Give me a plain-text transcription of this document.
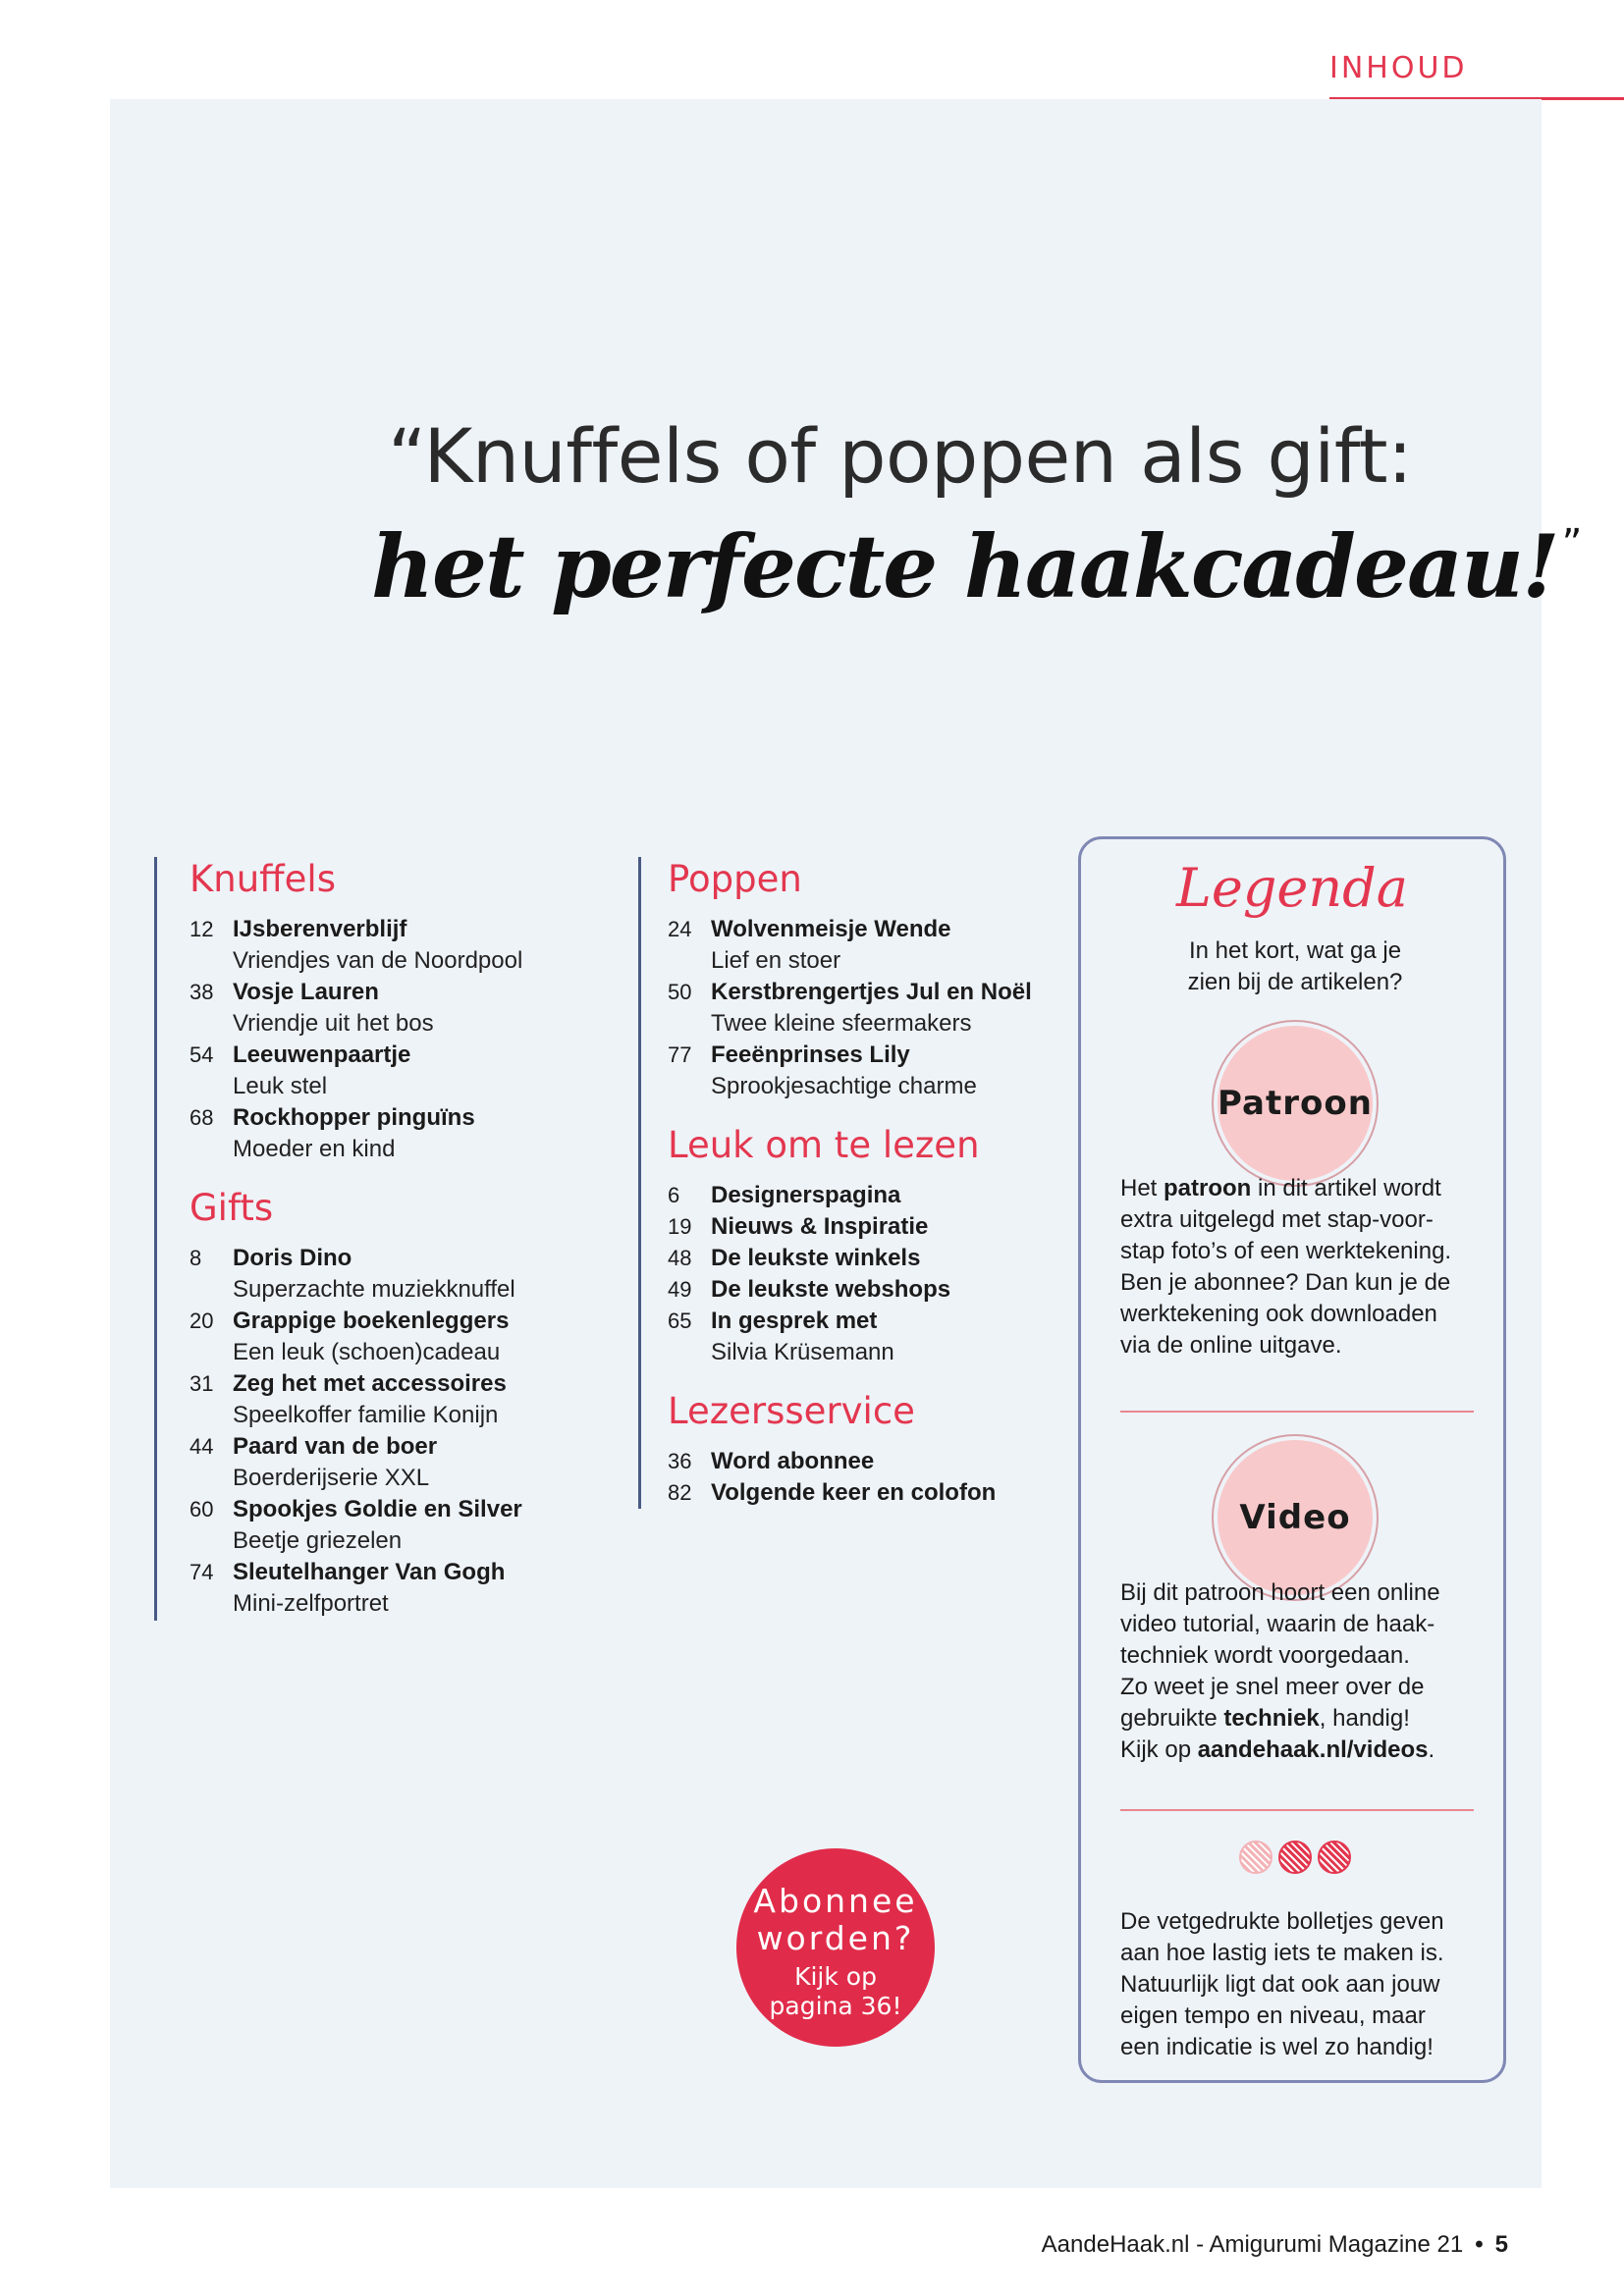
INHOUD
“Knuffels of poppen als gift:
het perfecte haakcadeau! ”
Knuffels
12 IJsberenverblijf
Vriendjes van de Noordpool
38 Vosje Lauren
Vriendje uit het bos
54 Leeuwenpaartje
Leuk stel
68 Rockhopper pinguïns
Moeder en kind
Gifts
8	Doris Dino
Superzachte muziekknuffel
20 Grappige boekenleggers
Een leuk (schoen)cadeau
31 Zeg het met accessoires
Speelkoffer familie Konijn
44 Paard van de boer
Boerderijserie XXL
60 Spookjes Goldie en Silver
Beetje griezelen
74 Sleutelhanger Van Gogh
Mini-zelfportret
Poppen
24 Wolvenmeisje Wende
Lief en stoer
50 Kerstbrengertjes Jul en Noël
Twee kleine sfeermakers
77 Feeënprinses Lily
Sprookjesachtige charme
Leuk om te lezen
6	Designerspagina
19 Nieuws & Inspiratie
48 De leukste winkels
49 De leukste webshops
65 In gesprek met
Silvia Krüsemann
Lezersservice
36 Word abonnee
82 Volgende keer en colofon
Legenda
In het kort, wat ga je
zien bij de artikelen?
Patroon
Het patroon in dit artikel wordt
extra uitgelegd met stap-voor-
stap foto’s of een werktekening.
Ben je abonnee? Dan kun je de
werktekening ook downloaden
via de online uitgave.
Video
Bij dit patroon hoort een online
video tutorial, waarin de haak-
techniek wordt voorgedaan.
Zo weet je snel meer over de
gebruikte techniek, handig!
Kijk op aandehaak.nl/videos.
De vetgedrukte bolletjes geven
aan hoe lastig iets te maken is.
Natuurlijk ligt dat ook aan jouw
eigen tempo en niveau, maar
een indicatie is wel zo handig!
Abonnee
worden?
Kijk op
pagina 36!
AandeHaak.nl - Amigurumi Magazine 21 • 5
